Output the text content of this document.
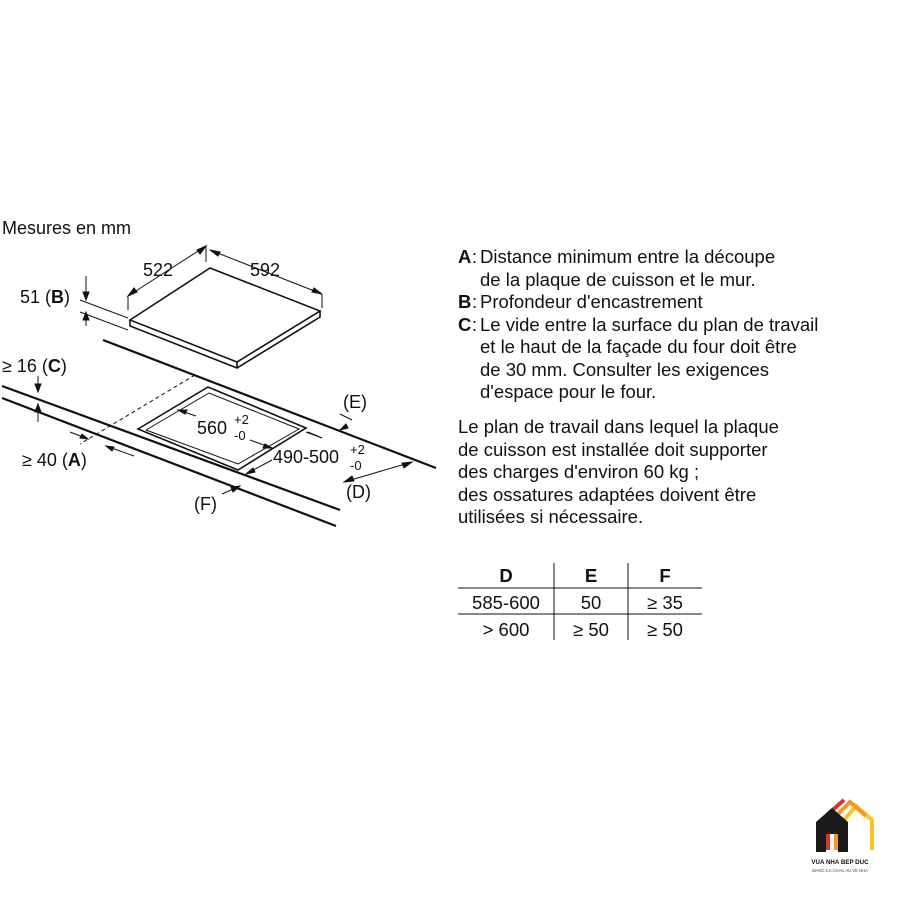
Mesures en mm
522	592
51 (B)
≥ 16 (C)
≥ 40 (A)
560 +2
-0
490-500 +2
-0
(E)
(D)
(F)
D	E	F
585-600 50 ≥ 35
> 600 ≥ 50 ≥ 50
A : Distance minimum entre la découpe
de la plaque de cuisson et le mur.
B : Profondeur d'encastrement
C : Le vide entre la surface du plan de travail
et le haut de la façade du four doit être
de 30 mm. Consulter les exigences
d'espace pour le four.
Le plan de travail dans lequel la plaque
de cuisson est installée doit supporter
des charges d'environ 60 kg ;
des ossatures adaptées doivent être
utilisées si nécessaire.
VUA NHA BEP DUC
MANG CA CHAU AU VE NHA
